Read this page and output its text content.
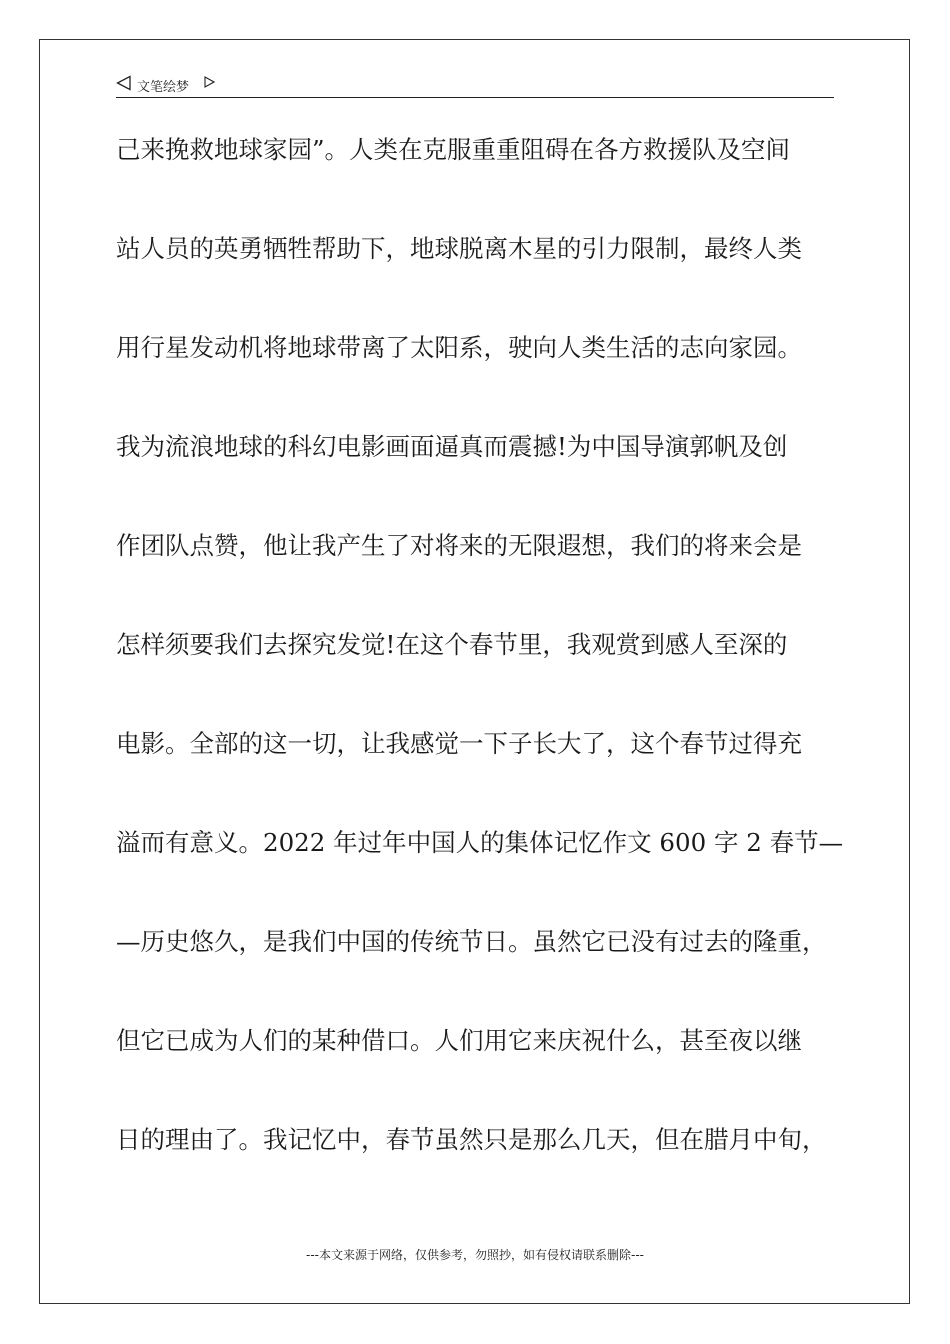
文笔绘梦
己来挽救地球家园”。人类在克服重重阻碍在各方救援队及空间
站人员的英勇牺牲帮助下，地球脱离木星的引力限制，最终人类
用行星发动机将地球带离了太阳系，驶向人类生活的志向家园。
我为流浪地球的科幻电影画面逼真而震撼!为中国导演郭帆及创
作团队点赞，他让我产生了对将来的无限遐想，我们的将来会是
怎样须要我们去探究发觉!在这个春节里，我观赏到感人至深的
电影。全部的这一切，让我感觉一下子长大了，这个春节过得充
溢而有意义。2022 年过年中国人的集体记忆作文 600 字 2 春节—
—历史悠久，是我们中国的传统节日。虽然它已没有过去的隆重，
但它已成为人们的某种借口。人们用它来庆祝什么，甚至夜以继
日的理由了。我记忆中，春节虽然只是那么几天，但在腊月中旬，
---本文来源于网络，仅供参考，勿照抄，如有侵权请联系删除---
